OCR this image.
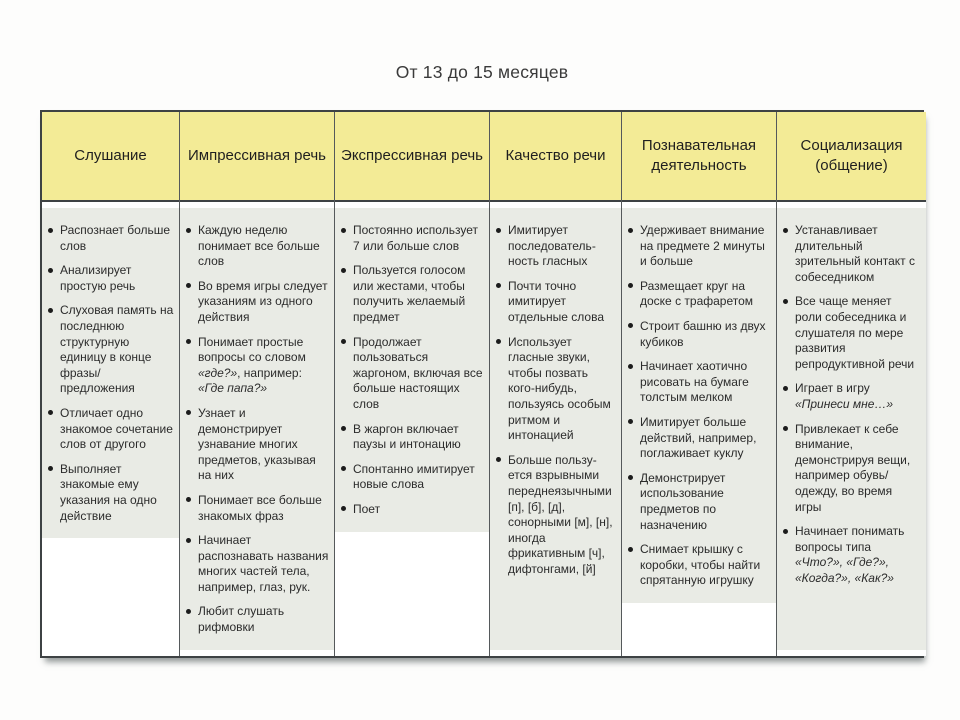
От 13 до 15 месяцев
Слушание
Распознает больше слов
Анализирует простую речь
Слуховая память на последнюю структурную единицу в конце фразы/​предложения
Отличает одно знакомое сочетание слов от другого
Выполняет знакомые ему указания на одно действие
Импрессивная речь
Каждую неделю понимает все больше слов
Во время игры следует указаниям из одного действия
Понимает простые вопросы со словом «где?», например: «Где папа?»
Узнает и демонстрирует узнавание многих предметов, указывая на них
Понимает все больше знакомых фраз
Начинает распознавать названия многих частей тела, например, глаз, рук.
Любит слушать рифмовки
Экспрессивная речь
Постоянно использует 7 или больше слов
Пользуется голосом или жестами, чтобы получить желаемый предмет
Продолжает пользоваться жаргоном, включая все больше настоящих слов
В жаргон включает паузы и интонацию
Спонтанно имитирует новые слова
Поет
Качество речи
Имитирует последовательность гласных
Почти точно имитирует отдельные слова
Использует гласные звуки, чтобы позвать кого-нибудь, пользуясь особым ритмом и интонацией
Больше пользуется взрывными переднеязычными [п], [б], [д], сонорными [м], [н], иногда фрикативным [ч], дифтонгами, [й]
Познавательная деятельность
Удерживает внимание на предмете 2 минуты и больше
Размещает круг на доске с трафаретом
Строит башню из двух кубиков
Начинает хаотично рисовать на бумаге толстым мелком
Имитирует больше действий, например, поглаживает куклу
Демонстрирует использование предметов по назначению
Снимает крышку с коробки, чтобы найти спрятанную игрушку
Социализация (общение)
Устанавливает длительный зрительный контакт с собеседником
Все чаще меняет роли собеседника и слушателя по мере развития репродуктивной речи
Играет в игру «Принеси мне…»
Привлекает к себе внимание, демонстрируя вещи, например обувь/​одежду, во время игры
Начинает понимать вопросы типа «Что?», «Где?», «Когда?», «Как?»
